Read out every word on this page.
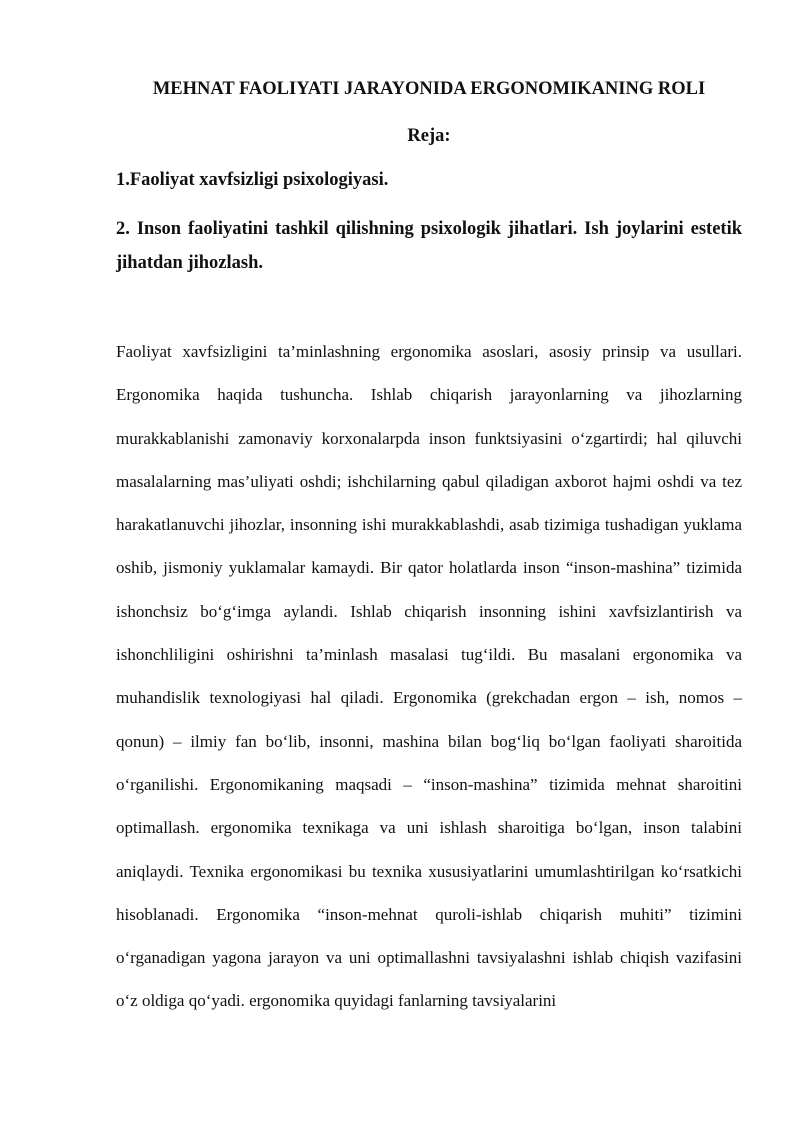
MEHNAT FAOLIYATI JARAYONIDA ERGONOMIKANING ROLI
Reja:

1.Faoliyat xavfsizligi psixologiyasi.

2. Inson faoliyatini tashkil qilishning psixologik jihatlari. Ish joylarini estetik jihatdan jihozlash.

Faoliyat xavfsizligini ta’minlashning ergonomika asoslari, asosiy prinsip va usullari. Ergonomika haqida tushuncha. Ishlab chiqarish jarayonlarning va jihozlarning murakkablanishi zamonaviy korxonalarpda inson funktsiyasini o‘zgartirdi; hal qiluvchi masalalarning mas’uliyati oshdi; ishchilarning qabul qiladigan axborot hajmi oshdi va tez harakatlanuvchi jihozlar, insonning ishi murakkablashdi, asab tizimiga tushadigan yuklama oshib, jismoniy yuklamalar kamaydi. Bir qator holatlarda inson “inson-mashina” tizimida ishonchsiz bo‘g‘imga aylandi. Ishlab chiqarish insonning ishini xavfsizlantirish va ishonchliligini oshirishni ta’minlash masalasi tug‘ildi. Bu masalani ergonomika va muhandislik texnologiyasi hal qiladi. Ergonomika (grekchadan ergon – ish, nomos – qonun) – ilmiy fan bo‘lib, insonni, mashina bilan bog‘liq bo‘lgan faoliyati sharoitida o‘rganilishi. Ergonomikaning maqsadi – “inson-mashina” tizimida mehnat sharoitini optimallash. ergonomika texnikaga va uni ishlash sharoitiga bo‘lgan, inson talabini aniqlaydi. Texnika ergonomikasi bu texnika xususiyatlarini umumlashtirilgan ko‘rsatkichi hisoblanadi. Ergonomika “inson-mehnat quroli-ishlab chiqarish muhiti” tizimini o‘rganadigan yagona jarayon va uni optimallashni tavsiyalashni ishlab chiqish vazifasini o‘z oldiga qo‘yadi. ergonomika quyidagi fanlarning tavsiyalarini
